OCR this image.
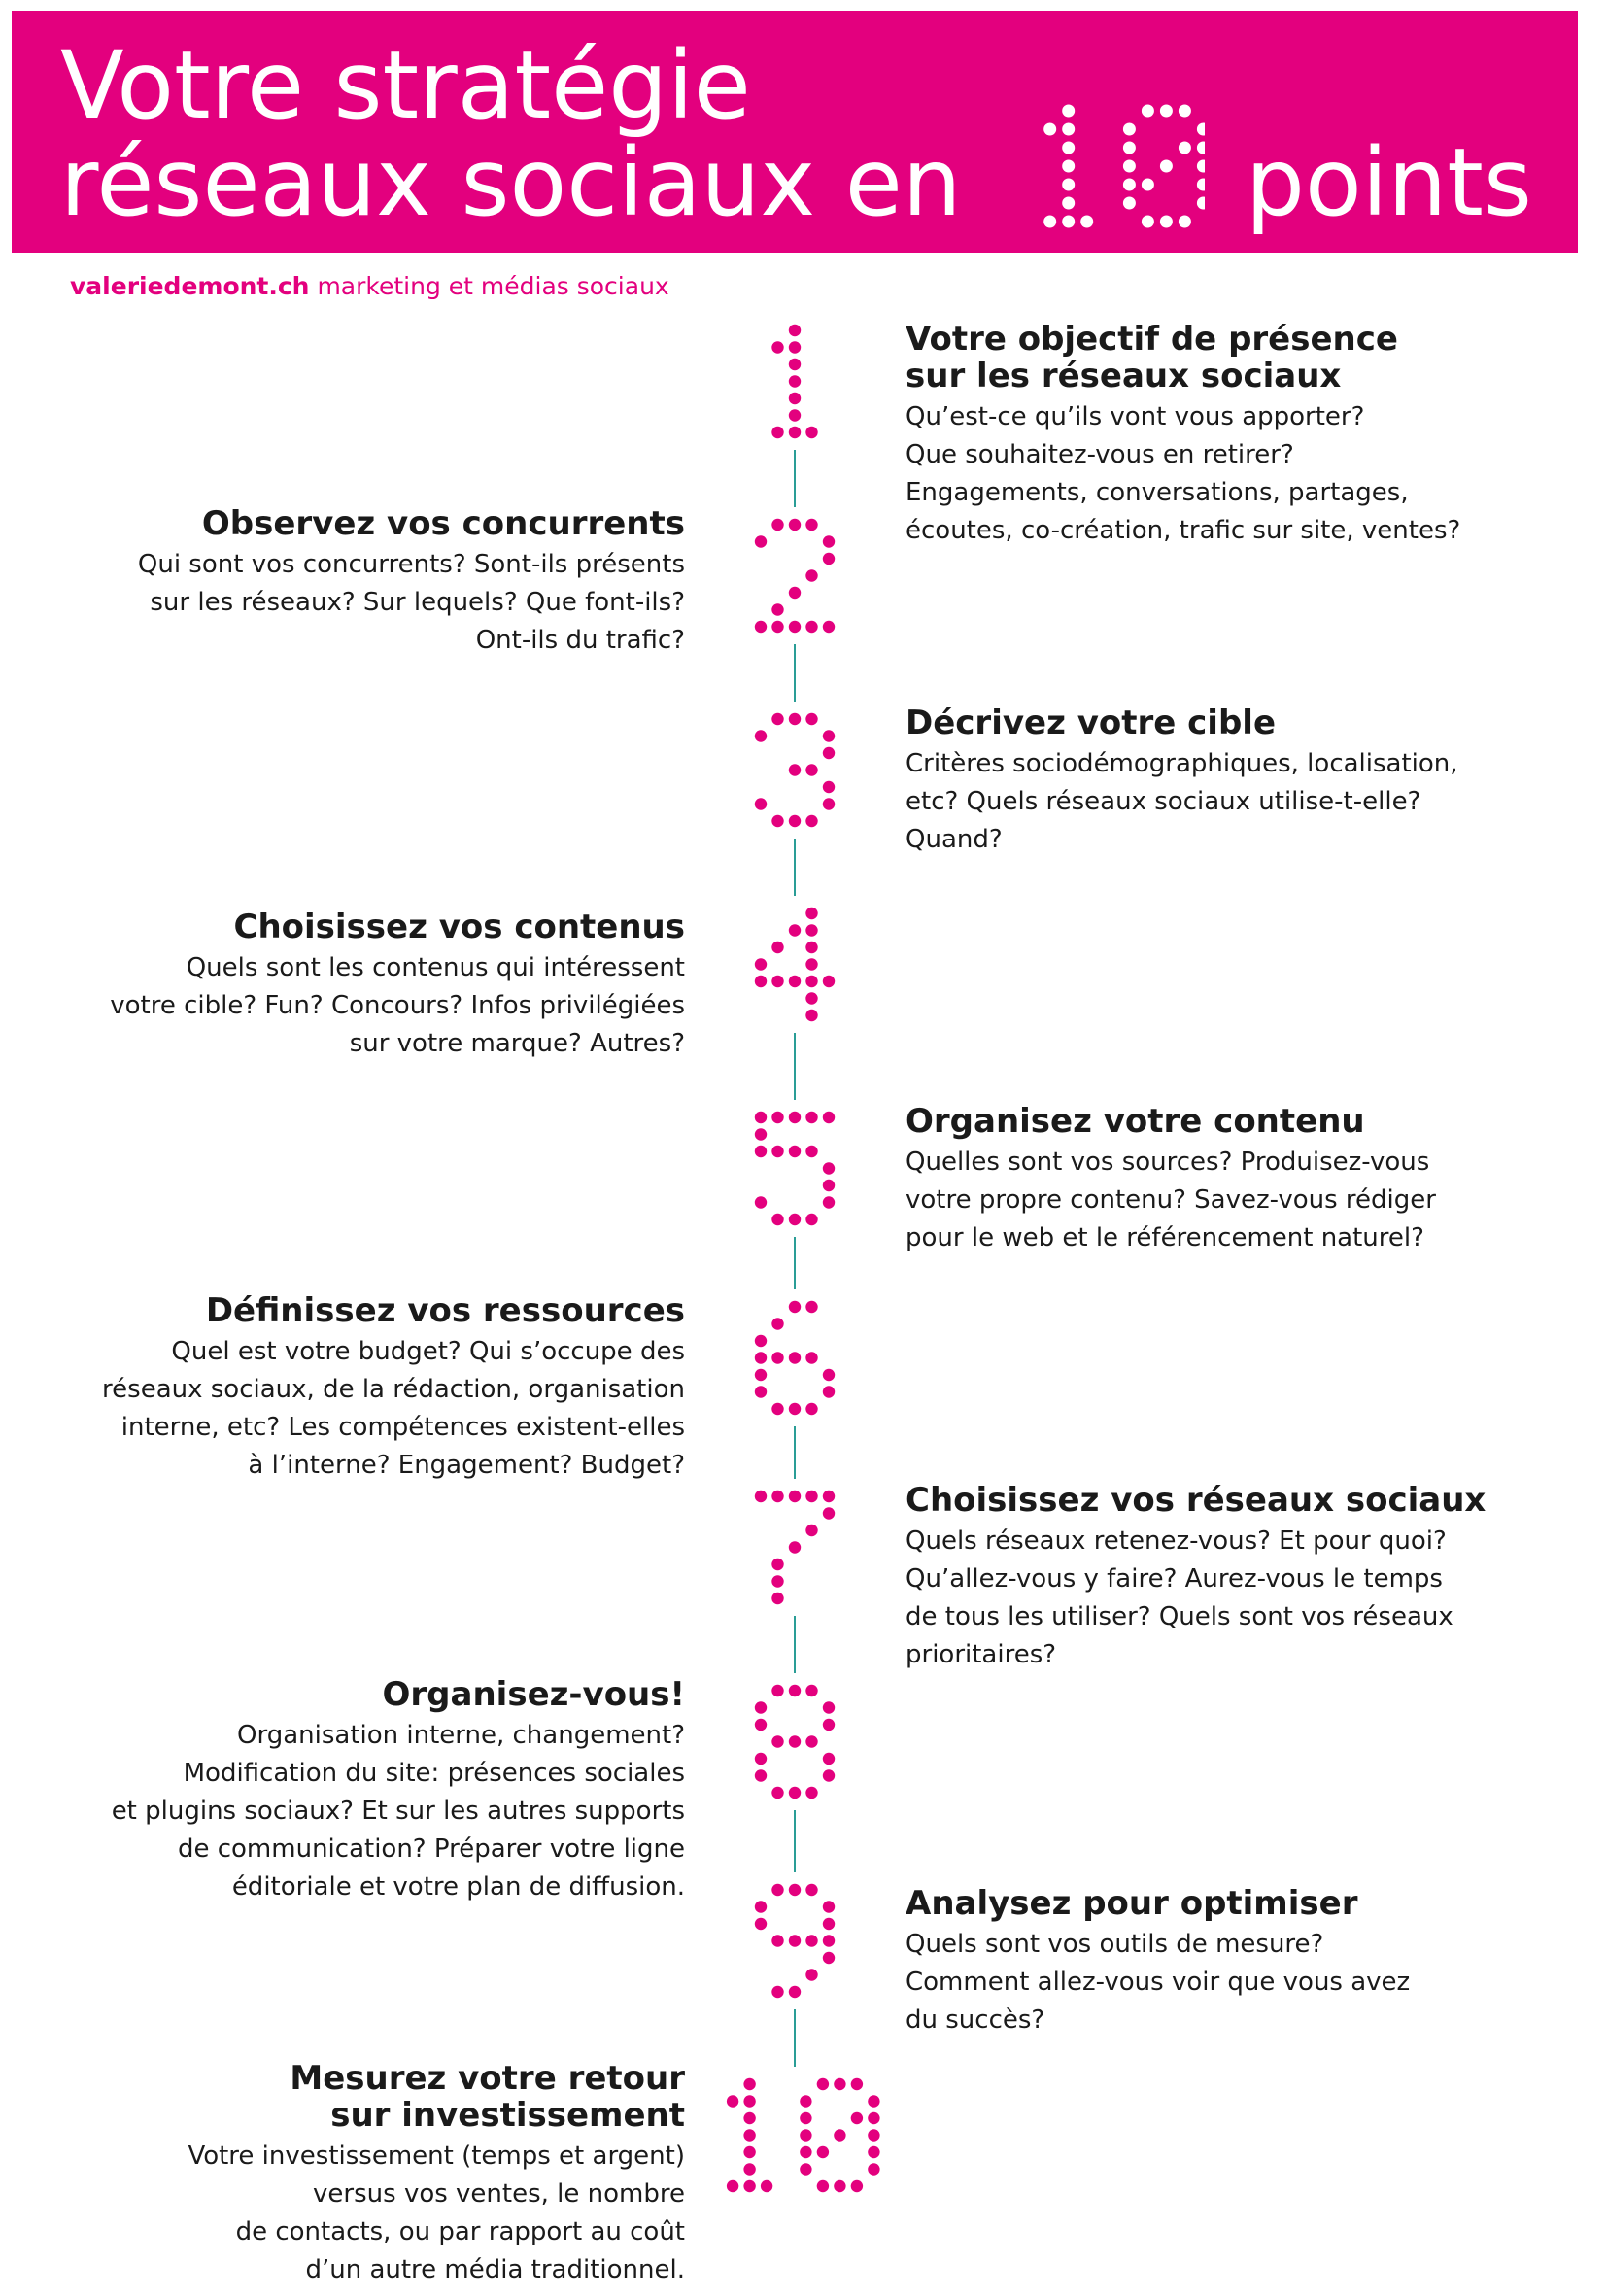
Votre stratégie
réseaux sociaux en	points
valeriedemont.ch marketing et médias sociaux
Votre objectif de présence
sur les réseaux sociaux

Qu’est-ce qu’ils vont vous apporter?
Que souhaitez-vous en retirer?
Engagements, conversations, partages,
écoutes, co-création, trafic sur site, ventes?

Observez vos concurrents

Qui sont vos concurrents? Sont-ils présents
sur les réseaux? Sur lequels? Que font-ils?
Ont-ils du trafic?

Décrivez votre cible

Critères sociodémographiques, localisation,
etc? Quels réseaux sociaux utilise-t-elle?
Quand?

Choisissez vos contenus

Quels sont les contenus qui intéressent
votre cible? Fun? Concours? Infos privilégiées
sur votre marque? Autres?

Organisez votre contenu

Quelles sont vos sources? Produisez-vous
votre propre contenu? Savez-vous rédiger
pour le web et le référencement naturel?

Définissez vos ressources

Quel est votre budget? Qui s’occupe des
réseaux sociaux, de la rédaction, organisation
interne, etc? Les compétences existent-elles
à l’interne? Engagement? Budget?

Choisissez vos réseaux sociaux

Quels réseaux retenez-vous? Et pour quoi?
Qu’allez-vous y faire? Aurez-vous le temps
de tous les utiliser? Quels sont vos réseaux
prioritaires?

Organisez-vous!

Organisation interne, changement?
Modification du site: présences sociales
et plugins sociaux? Et sur les autres supports
de communication? Préparer votre ligne
éditoriale et votre plan de diffusion.	Analysez pour optimiser

Quels sont vos outils de mesure?
Comment allez-vous voir que vous avez
du succès?

Mesurez votre retour
sur investissement

Votre investissement (temps et argent)
versus vos ventes, le nombre
de contacts, ou par rapport au coût
d’un autre média traditionnel.
